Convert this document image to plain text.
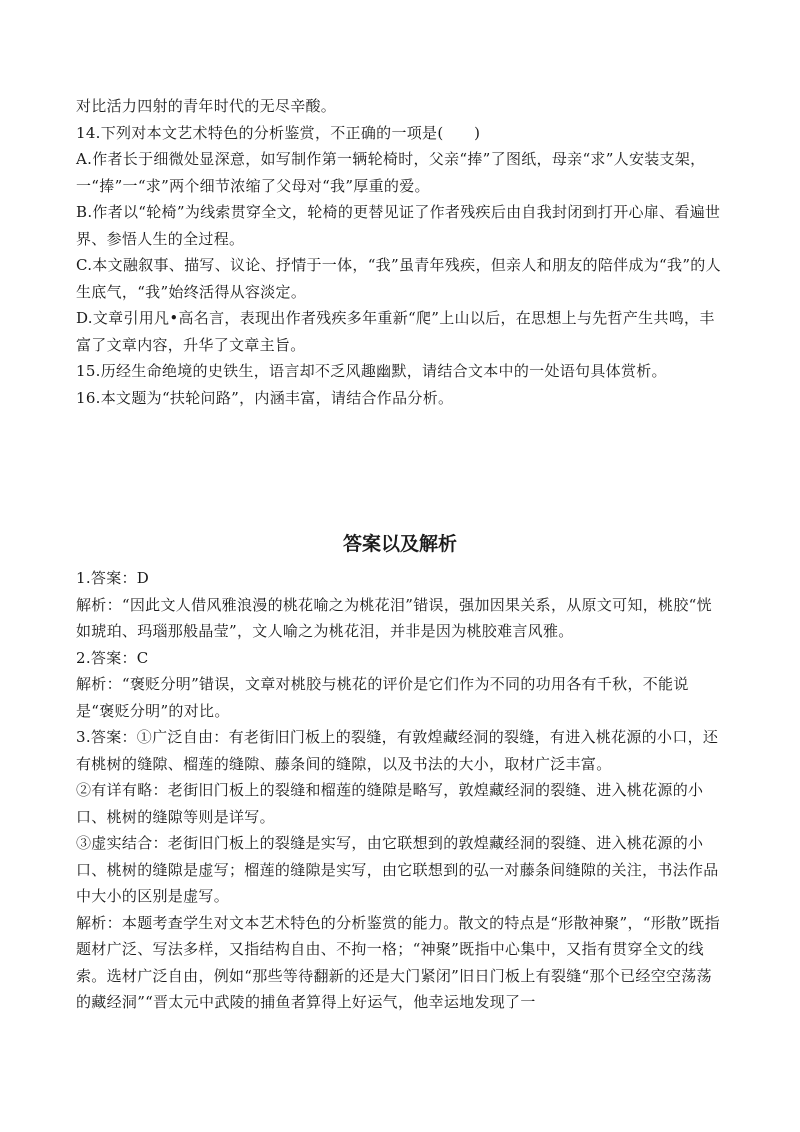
对比活力四射的青年时代的无尽辛酸。

14.下列对本文艺术特色的分析鉴赏，不正确的一项是(　　)

A.作者长于细微处显深意，如写制作第一辆轮椅时，父亲“捧”了图纸，母亲“求”人安装支架，一“捧”一“求”两个细节浓缩了父母对“我”厚重的爱。

B.作者以“轮椅”为线索贯穿全文，轮椅的更替见证了作者残疾后由自我封闭到打开心扉、看遍世界、参悟人生的全过程。

C.本文融叙事、描写、议论、抒情于一体，“我”虽青年残疾，但亲人和朋友的陪伴成为“我”的人生底气，“我”始终活得从容淡定。

D.文章引用凡•高名言，表现出作者残疾多年重新“爬”上山以后，在思想上与先哲产生共鸣，丰富了文章内容，升华了文章主旨。

15.历经生命绝境的史铁生，语言却不乏风趣幽默，请结合文本中的一处语句具体赏析。

16.本文题为“扶轮问路”，内涵丰富，请结合作品分析。

答案以及解析

1.答案：D

解析：“因此文人借风雅浪漫的桃花喻之为桃花泪”错误，强加因果关系，从原文可知，桃胶“恍如琥珀、玛瑙那般晶莹”，文人喻之为桃花泪，并非是因为桃胶难言风雅。

2.答案：C

解析：“褒贬分明”错误，文章对桃胶与桃花的评价是它们作为不同的功用各有千秋，不能说是“褒贬分明”的对比。

3.答案：①广泛自由：有老街旧门板上的裂缝，有敦煌藏经洞的裂缝，有进入桃花源的小口，还有桃树的缝隙、榴莲的缝隙、藤条间的缝隙，以及书法的大小，取材广泛丰富。

②有详有略：老街旧门板上的裂缝和榴莲的缝隙是略写，敦煌藏经洞的裂缝、进入桃花源的小口、桃树的缝隙等则是详写。

③虚实结合：老街旧门板上的裂缝是实写，由它联想到的敦煌藏经洞的裂缝、进入桃花源的小口、桃树的缝隙是虚写；榴莲的缝隙是实写，由它联想到的弘一对藤条间缝隙的关注，书法作品中大小的区别是虚写。

解析：本题考查学生对文本艺术特色的分析鉴赏的能力。散文的特点是“形散神聚”，“形散”既指题材广泛、写法多样，又指结构自由、不拘一格；“神聚”既指中心集中，又指有贯穿全文的线索。选材广泛自由，例如“那些等待翻新的还是大门紧闭”旧日门板上有裂缝“那个已经空空荡荡的藏经洞”“晋太元中武陵的捕鱼者算得上好运气，他幸运地发现了一
